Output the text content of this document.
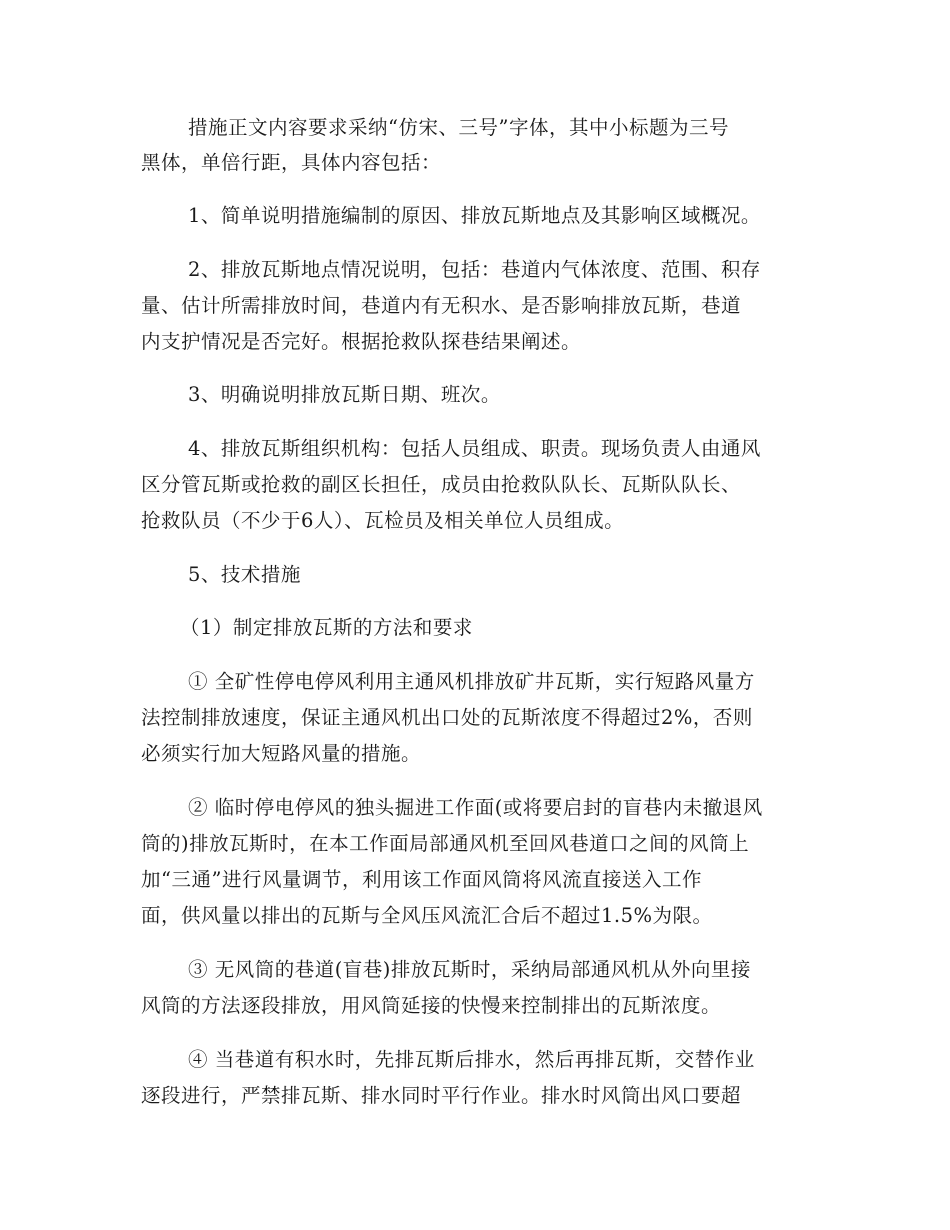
措施正文内容要求采纳“仿宋、三号”字体，其中小标题为三号
黑体，单倍行距，具体内容包括：
1、简单说明措施编制的原因、排放瓦斯地点及其影响区域概况。
2、排放瓦斯地点情况说明，包括：巷道内气体浓度、范围、积存
量、估计所需排放时间，巷道内有无积水、是否影响排放瓦斯，巷道
内支护情况是否完好。根据抢救队探巷结果阐述。
3、明确说明排放瓦斯日期、班次。
4、排放瓦斯组织机构：包括人员组成、职责。现场负责人由通风
区分管瓦斯或抢救的副区长担任，成员由抢救队队长、瓦斯队队长、
抢救队员（不少于6人）、瓦检员及相关单位人员组成。
5、技术措施
（1）制定排放瓦斯的方法和要求
① 全矿性停电停风利用主通风机排放矿井瓦斯，实行短路风量方
法控制排放速度，保证主通风机出口处的瓦斯浓度不得超过2%，否则
必须实行加大短路风量的措施。
② 临时停电停风的独头掘进工作面(或将要启封的盲巷内未撤退风
筒的)排放瓦斯时，在本工作面局部通风机至回风巷道口之间的风筒上
加“三通”进行风量调节，利用该工作面风筒将风流直接送入工作
面，供风量以排出的瓦斯与全风压风流汇合后不超过1.5%为限。
③ 无风筒的巷道(盲巷)排放瓦斯时，采纳局部通风机从外向里接
风筒的方法逐段排放，用风筒延接的快慢来控制排出的瓦斯浓度。
④ 当巷道有积水时，先排瓦斯后排水，然后再排瓦斯，交替作业
逐段进行，严禁排瓦斯、排水同时平行作业。排水时风筒出风口要超
